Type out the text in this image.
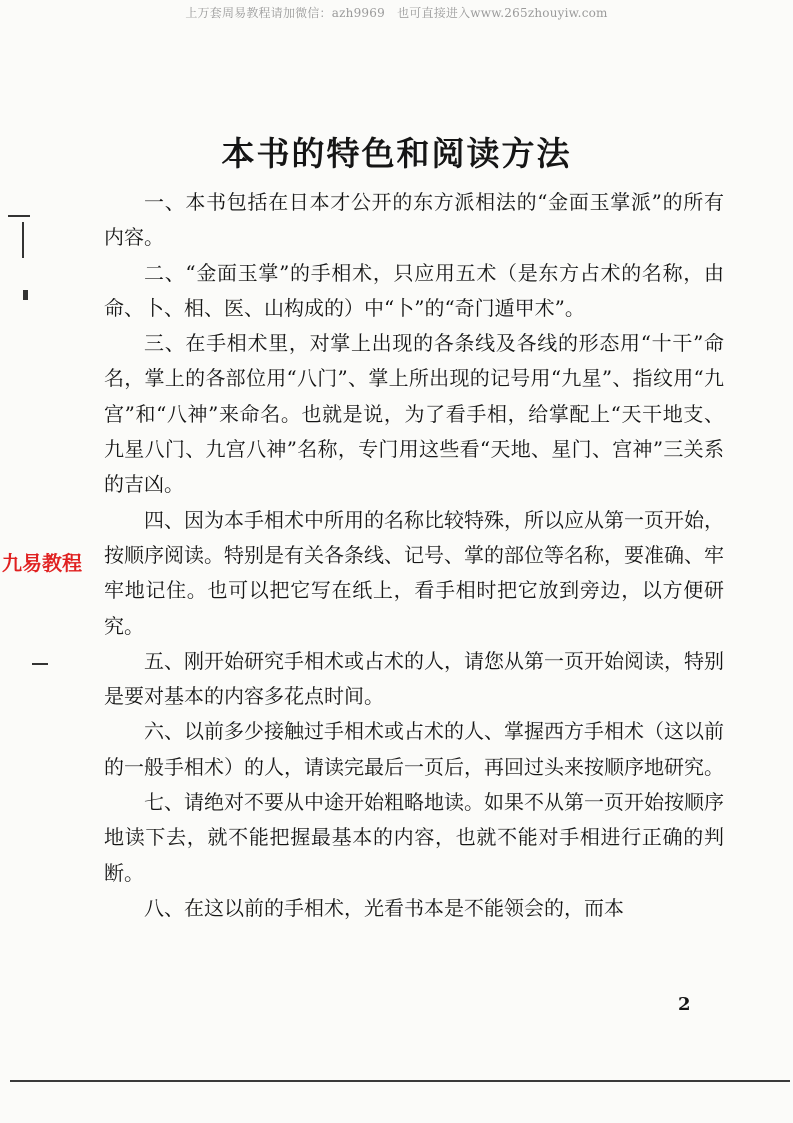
上万套周易教程请加微信：azh9969　也可直接进入www.265zhouyiw.com
本书的特色和阅读方法

一、本书包括在日本才公开的东方派相法的“金面玉掌派”的所有内容。

二、“金面玉掌”的手相术，只应用五术（是东方占术的名称，由命、卜、相、医、山构成的）中“卜”的“奇门遁甲术”。

三、在手相术里，对掌上出现的各条线及各线的形态用“十干”命名，掌上的各部位用“八门”、掌上所出现的记号用“九星”、指纹用“九宫”和“八神”来命名。也就是说，为了看手相，给掌配上“天干地支、九星八门、九宫八神”名称，专门用这些看“天地、星门、宫神”三关系的吉凶。

四、因为本手相术中所用的名称比较特殊，所以应从第一页开始，按顺序阅读。特别是有关各条线、记号、掌的部位等名称，要准确、牢牢地记住。也可以把它写在纸上，看手相时把它放到旁边，以方便研究。

五、刚开始研究手相术或占术的人，请您从第一页开始阅读，特别是要对基本的内容多花点时间。

六、以前多少接触过手相术或占术的人、掌握西方手相术（这以前的一般手相术）的人，请读完最后一页后，再回过头来按顺序地研究。

七、请绝对不要从中途开始粗略地读。如果不从第一页开始按顺序地读下去，就不能把握最基本的内容，也就不能对手相进行正确的判断。

八、在这以前的手相术，光看书本是不能领会的，而本

九易教程
2
